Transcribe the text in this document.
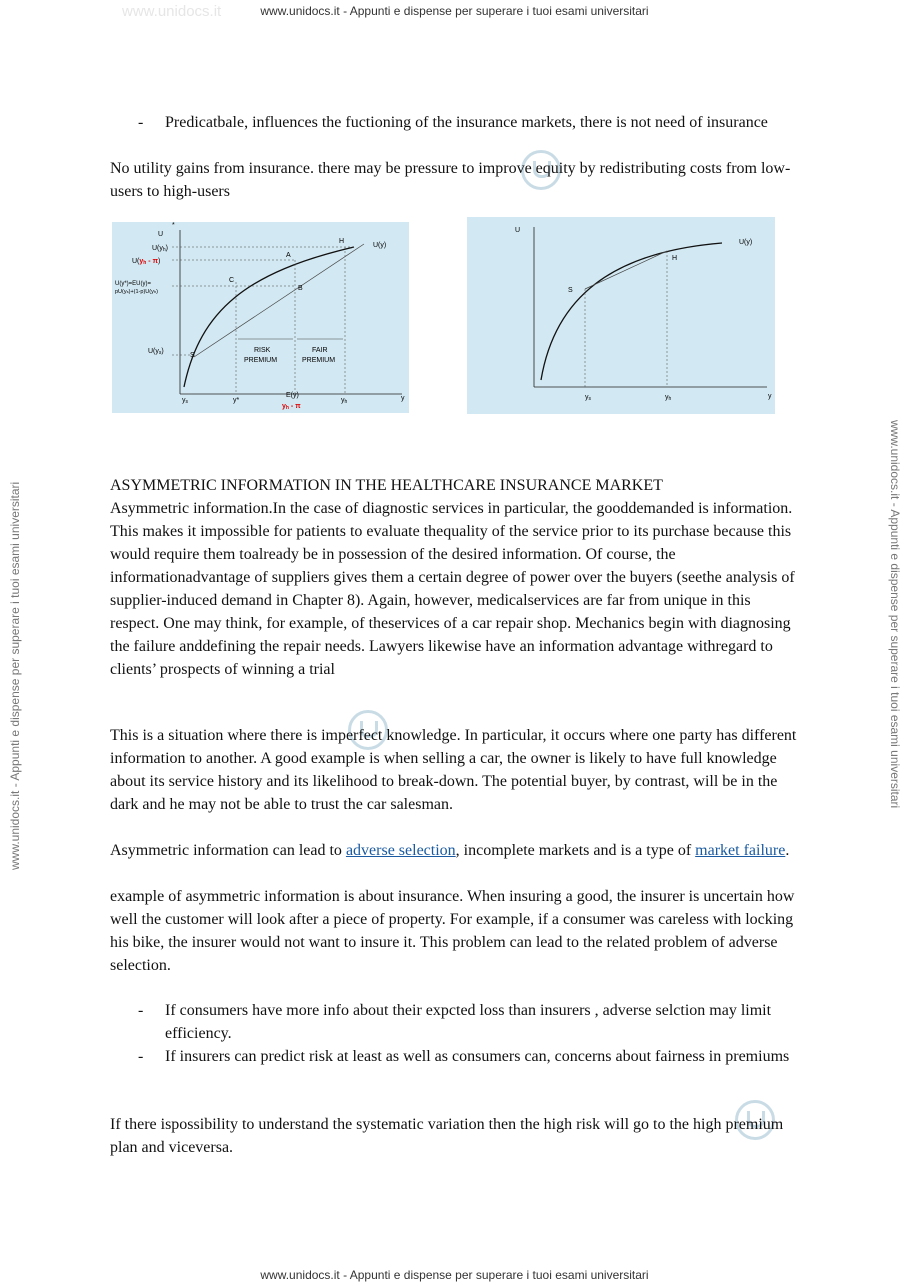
www.unidocs.it	www.unidocs.it - Appunti e dispense per superare i tuoi esami universitari
www.unidocs.it - Appunti e dispense per superare i tuoi esami universitari
www.unidocs.it - Appunti e dispense per superare i tuoi esami universitari	www.unidocs.it - Appunti e dispense per superare i tuoi esami universitari
- Predicatbale, influences the fuctioning of the insurance markets, there is not need of insurance
No utility gains from insurance. there may be pressure to improve equity by redistributing costs from low-users to high-users
U
*
U(y)
U(yh)
U(yh - π)
U(y*)=EU(y)=
pU(ys)+(1-p)U(yh)
U(ys)
H
A
C
B
S
RISK
PREMIUM
FAIR
PREMIUM
ys	y*
E(y)
yh - π
yh	y
U
U(y)
H
S
ys	yh	y
ASYMMETRIC INFORMATION IN THE HEALTHCARE INSURANCE MARKET
Asymmetric information.In the case of diagnostic services in particular, the gooddemanded is information. This makes it impossible for patients to evaluate thequality of the service prior to its purchase because this would require them toalready be in possession of the desired information. Of course, the informationadvantage of suppliers gives them a certain degree of power over the buyers (seethe analysis of supplier-induced demand in Chapter 8). Again, however, medicalservices are far from unique in this respect. One may think, for example, of theservices of a car repair shop. Mechanics begin with diagnosing the failure anddefining the repair needs. Lawyers likewise have an information advantage withregard to clients’ prospects of winning a trial
This is a situation where there is imperfect knowledge. In particular, it occurs where one party has different information to another. A good example is when selling a car, the owner is likely to have full knowledge about its service history and its likelihood to break-down. The potential buyer, by contrast, will be in the dark and he may not be able to trust the car salesman.
Asymmetric information can lead to adverse selection, incomplete markets and is a type of market failure.
example of asymmetric information is about insurance. When insuring a good, the insurer is uncertain how well the customer will look after a piece of property. For example, if a consumer was careless with locking his bike, the insurer would not want to insure it. This problem can lead to the related problem of adverse selection.
- If consumers have more info about their expcted loss than insurers , adverse selction may limit efficiency.
- If insurers can predict risk at least as well as consumers can, concerns about fairness in premiums
If there ispossibility to understand the systematic variation then the high risk will go to the high premium plan and viceversa.
